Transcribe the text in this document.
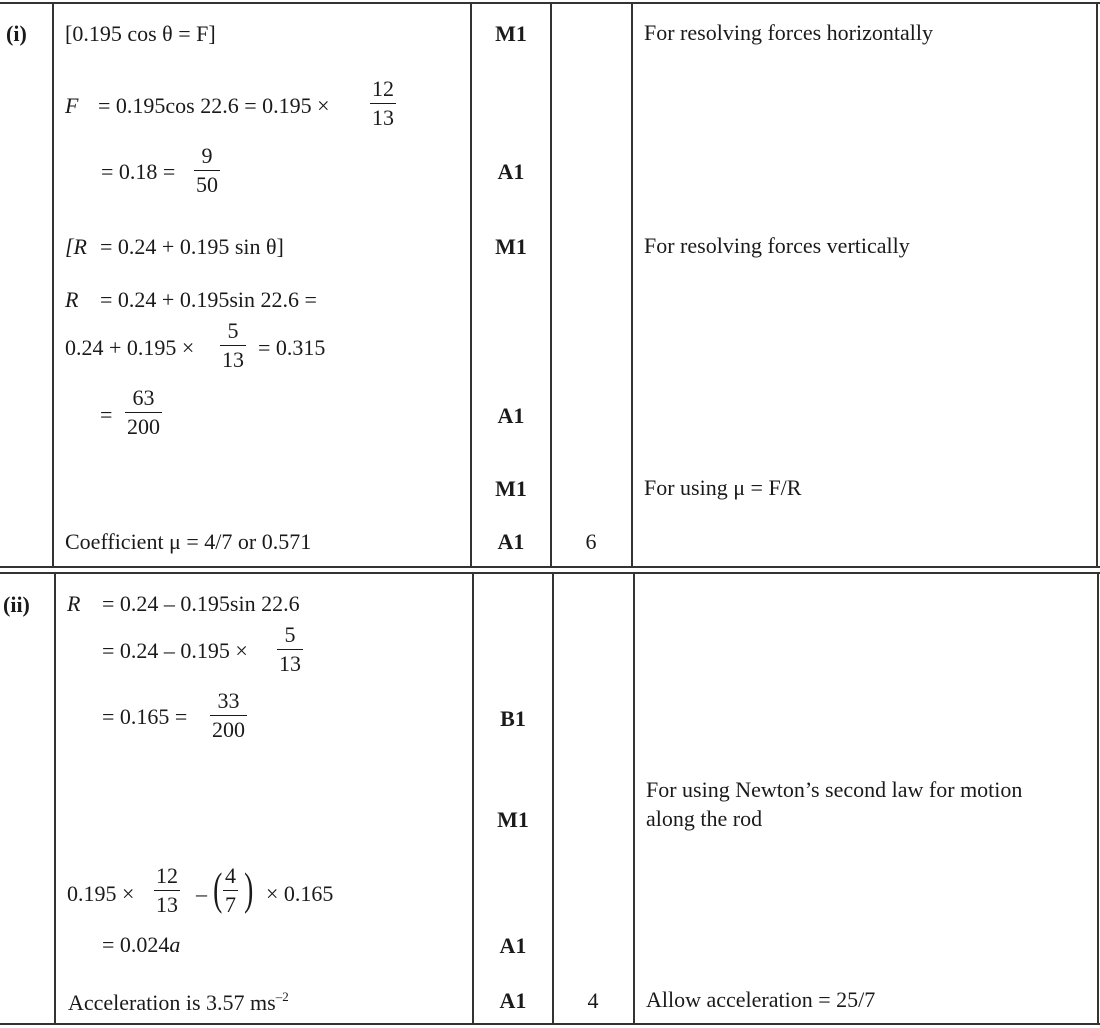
(i) [0.195 cos θ = F]
F = 0.195cos $22.6 = 0.195 \times \frac{12}{13}$
= $0.18 = \frac{9}{50}$
[R = 0.24 + 0.195 sin θ]
R = 0.24 + 0.195sin 22.6 =
$0.24 + 0.195 \times \frac{5}{13} = 0.315$
= $\frac{63}{200}$
Coefficient μ = 4/7 or 0.571
M1
A1
M1
A1
M1
A1	6
For resolving forces horizontally
For resolving forces vertically
For using μ = F/R
(ii) R = 0.24 – 0.195sin 22.6
= $0.24 - 0.195 \times \frac{5}{13}$
= $0.165 = \frac{33}{200}$
$0.195 \times \frac{12}{13}$ – ( $\frac{4}{7}$ ) × 0.165
= 0.024a
Acceleration is 3.57 $ms^{-2}$
B1
M1
A1
A1	4
For using Newton’s second law for motion
along the rod
Allow acceleration = 25/7
